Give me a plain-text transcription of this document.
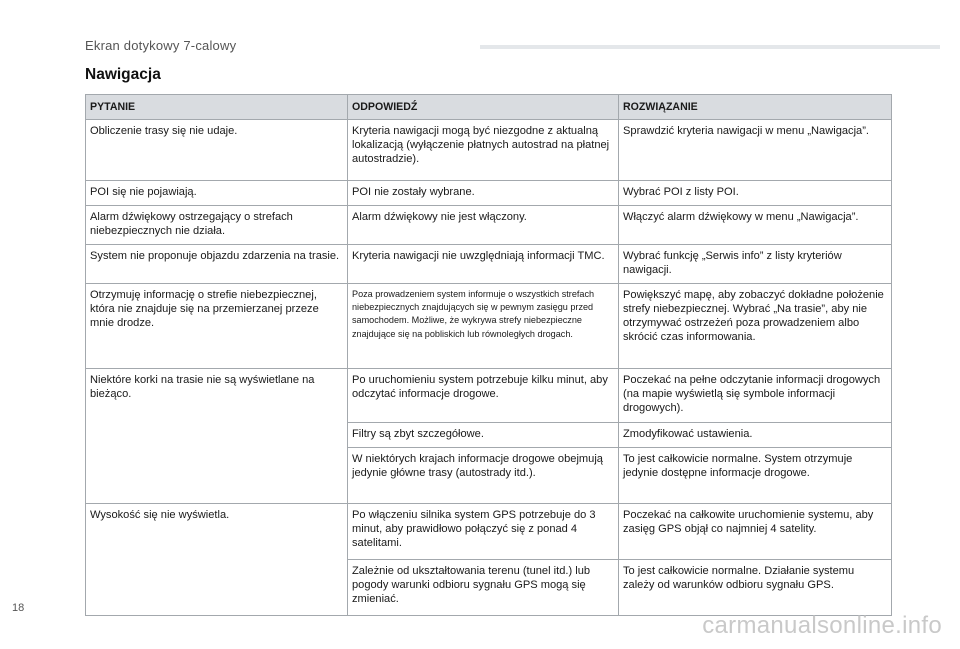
Ekran dotykowy 7-calowy
Nawigacja
PYTANIE	ODPOWIEDŹ	ROZWIĄZANIE
Obliczenie trasy się nie udaje.	Kryteria nawigacji mogą być niezgodne z aktualną lokalizacją (wyłączenie płatnych autostrad na płatnej autostradzie).	Sprawdzić kryteria nawigacji w menu „Nawigacja”.
POI się nie pojawiają.	POI nie zostały wybrane.	Wybrać POI z listy POI.
Alarm dźwiękowy ostrzegający o strefach niebezpiecznych nie działa.	Alarm dźwiękowy nie jest włączony.	Włączyć alarm dźwiękowy w menu „Nawigacja”.
System nie proponuje objazdu zdarzenia na trasie.	Kryteria nawigacji nie uwzględniają informacji TMC.	Wybrać funkcję „Serwis info” z listy kryteriów nawigacji.
Otrzymuję informację o strefie niebezpiecznej, która nie znajduje się na przemierzanej przeze mnie drodze.	Poza prowadzeniem system informuje o wszystkich strefach niebezpiecznych znajdujących się w pewnym zasięgu przed samochodem. Możliwe, że wykrywa strefy niebezpieczne znajdujące się na pobliskich lub równoległych drogach.	Powiększyć mapę, aby zobaczyć dokładne położenie strefy niebezpiecznej. Wybrać „Na trasie”, aby nie otrzymywać ostrzeżeń poza prowadzeniem albo skrócić czas informowania.
Niektóre korki na trasie nie są wyświetlane na bieżąco.	Po uruchomieniu system potrzebuje kilku minut, aby odczytać informacje drogowe.	Poczekać na pełne odczytanie informacji drogowych (na mapie wyświetlą się symbole informacji drogowych).
	Filtry są zbyt szczegółowe.	Zmodyfikować ustawienia.
	W niektórych krajach informacje drogowe obejmują jedynie główne trasy (autostrady itd.).	To jest całkowicie normalne. System otrzymuje jedynie dostępne informacje drogowe.
Wysokość się nie wyświetla.	Po włączeniu silnika system GPS potrzebuje do 3 minut, aby prawidłowo połączyć się z ponad 4 satelitami.	Poczekać na całkowite uruchomienie systemu, aby zasięg GPS objął co najmniej 4 satelity.
	Zależnie od ukształtowania terenu (tunel itd.) lub pogody warunki odbioru sygnału GPS mogą się zmieniać.	To jest całkowicie normalne. Działanie systemu zależy od warunków odbioru sygnału GPS.
18
carmanualsonline.info
